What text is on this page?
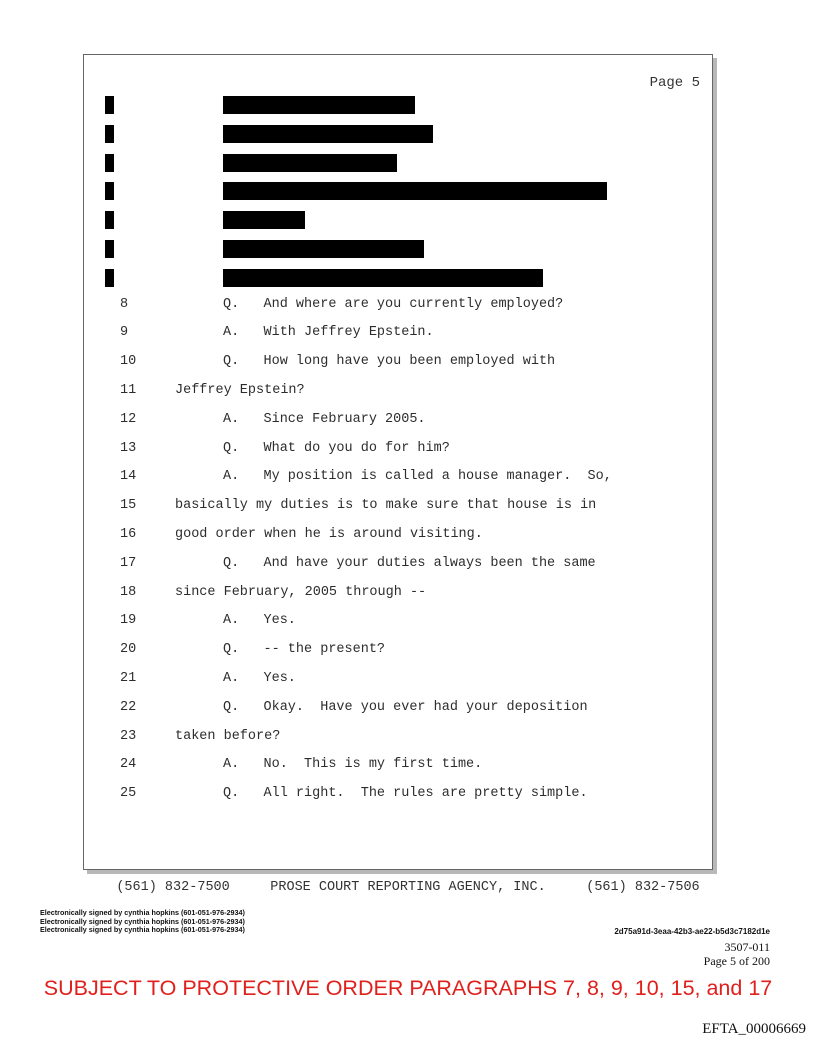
Page 5
8	Q.   And where are you currently employed?
9	A.   With Jeffrey Epstein.
10	Q.   How long have you been employed with
11	Jeffrey Epstein?
12	A.   Since February 2005.
13	Q.   What do you do for him?
14	A.   My position is called a house manager.  So,
15	basically my duties is to make sure that house is in
16	good order when he is around visiting.
17	Q.   And have your duties always been the same
18	since February, 2005 through --
19	A.   Yes.
20	Q.   -- the present?
21	A.   Yes.
22	Q.   Okay.  Have you ever had your deposition
23	taken before?
24	A.   No.  This is my first time.
25	Q.   All right.  The rules are pretty simple.
(561) 832-7500	PROSE COURT REPORTING AGENCY, INC.	(561) 832-7506
Electronically signed by cynthia hopkins (601-051-976-2934)
Electronically signed by cynthia hopkins (601-051-976-2934)
Electronically signed by cynthia hopkins (601-051-976-2934)	2d75a91d-3eaa-42b3-ae22-b5d3c7182d1e
3507-011
Page 5 of 200
SUBJECT TO PROTECTIVE ORDER PARAGRAPHS 7, 8, 9, 10, 15, and 17
EFTA_00006669
